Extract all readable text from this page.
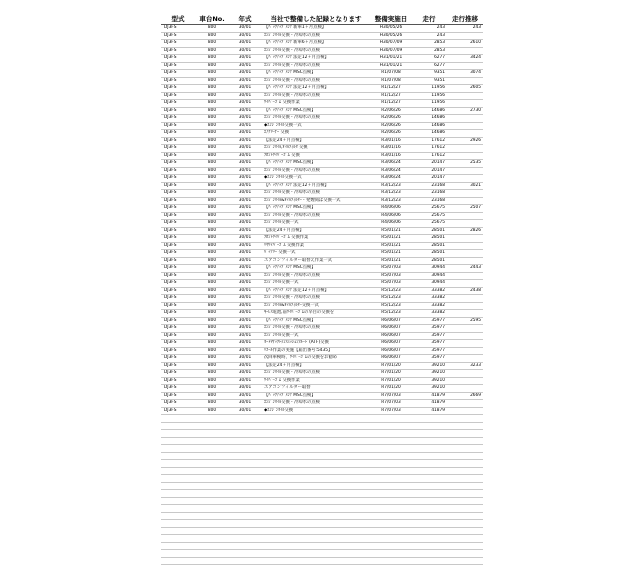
型式	車台No.	年式	当社で整備した記録となります	整備実施日	走行	走行推移
DJ3FS	800	30/01	【ﾊﾞｯｸｱｯﾌﾟﾒﾝﾃ 新車1ヶ月点検】	H30/05/26	243	243
DJ3FS	800	30/01	ｴﾝｼﾞﾝｵｲﾙ交換・冷却水の点検	H30/05/26	243	
DJ3FS	800	30/01	【ﾊﾞｯｸｱｯﾌﾟﾒﾝﾃ 新車6ヶ月点検】	H30/07/09	2853	2610
DJ3FS	800	30/01	ｴﾝｼﾞﾝｵｲﾙ交換・冷却水の点検	H30/07/09	2853	
DJ3FS	800	30/01	【ﾊﾞｯｸｱｯﾌﾟﾒﾝﾃ 法定12ヶ月点検】	H31/01/21	6277	3424
DJ3FS	800	30/01	ｴﾝｼﾞﾝｵｲﾙ交換・冷却水の点検	H31/01/21	6277	
DJ3FS	800	30/01	【ﾊﾞｯｸｱｯﾌﾟﾒﾝﾃ MSC点検】	R1/07/08	9351	3074
DJ3FS	800	30/01	ｴﾝｼﾞﾝｵｲﾙ交換・冷却水の点検	R1/07/08	9351	
DJ3FS	800	30/01	【ﾊﾞｯｸｱｯﾌﾟﾒﾝﾃ 法定12ヶ月点検】	R1/12/27	11956	2605
DJ3FS	800	30/01	ｴﾝｼﾞﾝｵｲﾙ交換・冷却水の点検	R1/12/27	11956	
DJ3FS	800	30/01	ﾜｲﾊﾟｰｺﾞﾑ 交換作業	R1/12/27	11956	
DJ3FS	800	30/01	【ﾊﾞｯｸｱｯﾌﾟﾒﾝﾃ MSC点検】	R2/06/26	14686	2730
DJ3FS	800	30/01	ｴﾝｼﾞﾝｵｲﾙ交換・冷却水の点検	R2/06/26	14686	
DJ3FS	800	30/01	◆ｴﾝｼﾞﾝｵｲﾙ交換一式	R2/06/26	14686	
DJ3FS	800	30/01	ｴｱｸﾘｰﾅｰ 交換	R2/06/26	14686	
DJ3FS	800	30/01	【法定24ヶ月点検】	R3/01/16	17612	2926
DJ3FS	800	30/01	ｴﾝｼﾞﾝｵｲﾙ,ｵｲﾙﾌｨﾙﾀ 交換	R3/01/16	17612	
DJ3FS	800	30/01	ﾌﾛﾝﾄﾜｲﾊﾟｰｺﾞﾑ 交換	R3/01/16	17612	
DJ3FS	800	30/01	【ﾊﾞｯｸｱｯﾌﾟﾒﾝﾃ MSC点検】	R3/06/24	20147	2535
DJ3FS	800	30/01	ｴﾝｼﾞﾝｵｲﾙ交換・冷却水の点検	R3/06/24	20147	
DJ3FS	800	30/01	◆ｴﾝｼﾞﾝｵｲﾙ交換一式	R3/06/24	20147	
DJ3FS	800	30/01	【ﾊﾞｯｸｱｯﾌﾟﾒﾝﾃ 法定12ヶ月点検】	R3/12/23	23168	3021
DJ3FS	800	30/01	ｴﾝｼﾞﾝｵｲﾙ交換・冷却水の点検	R3/12/23	23168	
DJ3FS	800	30/01	ｴﾝｼﾞﾝｵｲﾙ&ｵｲﾙﾌｨﾙﾀｰ・発煙筒は交換一式	R3/12/23	23168	
DJ3FS	800	30/01	【ﾊﾞｯｸｱｯﾌﾟﾒﾝﾃ MSC点検】	R4/06/06	25675	2507
DJ3FS	800	30/01	ｴﾝｼﾞﾝｵｲﾙ交換・冷却水の点検	R4/06/06	25675	
DJ3FS	800	30/01	ｴﾝｼﾞﾝｵｲﾙ交換一式	R4/06/06	25675	
DJ3FS	800	30/01	【法定24ヶ月点検】	R5/01/21	28501	2826
DJ3FS	800	30/01	ﾌﾛﾝﾄﾜｲﾊﾟｰｺﾞﾑ 交換作業	R5/01/21	28501	
DJ3FS	800	30/01	ﾘﾔﾜｲﾊﾟｰｺﾞﾑ 交換作業	R5/01/21	28501	
DJ3FS	800	30/01	ﾊﾞｯﾃﾘｰ 交換一式	R5/01/21	28501	
DJ3FS	800	30/01	エアコンフィルター取替え作業一式	R5/01/21	28501	
DJ3FS	800	30/01	【ﾊﾞｯｸｱｯﾌﾟﾒﾝﾃ MSC点検】	R5/07/03	30944	2443
DJ3FS	800	30/01	ｴﾝｼﾞﾝｵｲﾙ交換・冷却水の点検	R5/07/03	30944	
DJ3FS	800	30/01	ｴﾝｼﾞﾝｵｲﾙ交換一式	R5/07/03	30944	
DJ3FS	800	30/01	【ﾊﾞｯｸｱｯﾌﾟﾒﾝﾃ 法定12ヶ月点検】	R5/12/23	33382	2438
DJ3FS	800	30/01	ｴﾝｼﾞﾝｵｲﾙ交換・冷却水の点検	R5/12/23	33382	
DJ3FS	800	30/01	ｴﾝｼﾞﾝｵｲﾙ&ｵｲﾙﾌｨﾙﾀｰ交換一式	R5/12/23	33382	
DJ3FS	800	30/01	ｷｰﾚｽ電池,前ﾜｲﾊﾟｰｺﾞﾑの早目の交換を	R5/12/23	33382	
DJ3FS	800	30/01	【ﾊﾞｯｸｱｯﾌﾟﾒﾝﾃ MSC点検】	R6/06/07	35977	2595
DJ3FS	800	30/01	ｴﾝｼﾞﾝｵｲﾙ交換・冷却水の点検	R6/06/07	35977	
DJ3FS	800	30/01	ｴﾝｼﾞﾝｵｲﾙ交換一式	R6/06/07	35977	
DJ3FS	800	30/01	ｵｰﾄﾏﾁｯｸﾄﾗﾝｽﾐｯｼｮﾝﾌﾙｰﾄﾞ(ATF)交換	R6/06/07	35977	
DJ3FS	800	30/01	ﾘｺｰﾙ作業の実施【届出番号:5435】	R6/06/07	35977	
DJ3FS	800	30/01	次回車検時、ﾜｲﾊﾟｰｺﾞﾑの交換をお勧め	R6/06/07	35977	
DJ3FS	800	30/01	【法定24ヶ月点検】	R7/01/20	39210	3233
DJ3FS	800	30/01	ｴﾝｼﾞﾝｵｲﾙ交換・冷却水の点検	R7/01/20	39210	
DJ3FS	800	30/01	ﾜｲﾊﾟｰｺﾞﾑ 交換作業	R7/01/20	39210	
DJ3FS	800	30/01	エアコンフィルター取替	R7/01/20	39210	
DJ3FS	800	30/01	【ﾊﾞｯｸｱｯﾌﾟﾒﾝﾃ MSC点検】	R7/07/03	41879	2669
DJ3FS	800	30/01	ｴﾝｼﾞﾝｵｲﾙ交換・冷却水の点検	R7/07/03	41879	
DJ3FS	800	30/01	◆ｴﾝｼﾞﾝｵｲﾙ交換	R7/07/03	41879	
